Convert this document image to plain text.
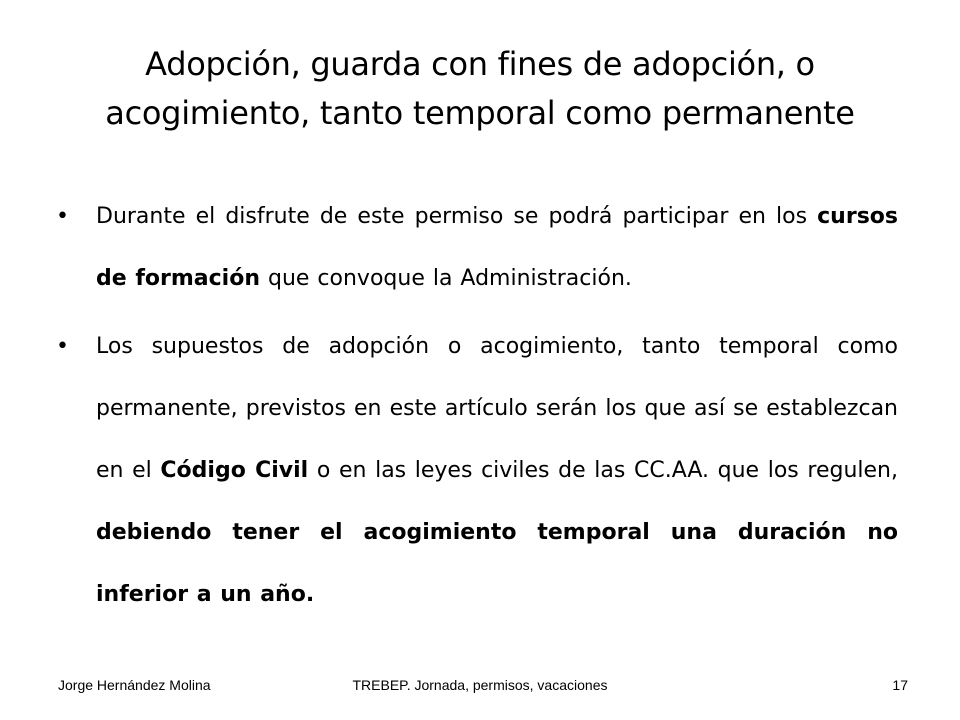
Adopción, guarda con fines de adopción, o acogimiento, tanto temporal como permanente

•	Durante el disfrute de este permiso se podrá participar en los cursos de formación que convoque la Administración.

•	Los supuestos de adopción o acogimiento, tanto temporal como permanente, previstos en este artículo serán los que así se establezcan en el Código Civil o en las leyes civiles de las CC.AA. que los regulen, debiendo tener el acogimiento temporal una duración no inferior a un año.

Jorge Hernández Molina	TREBEP. Jornada, permisos, vacaciones	17
